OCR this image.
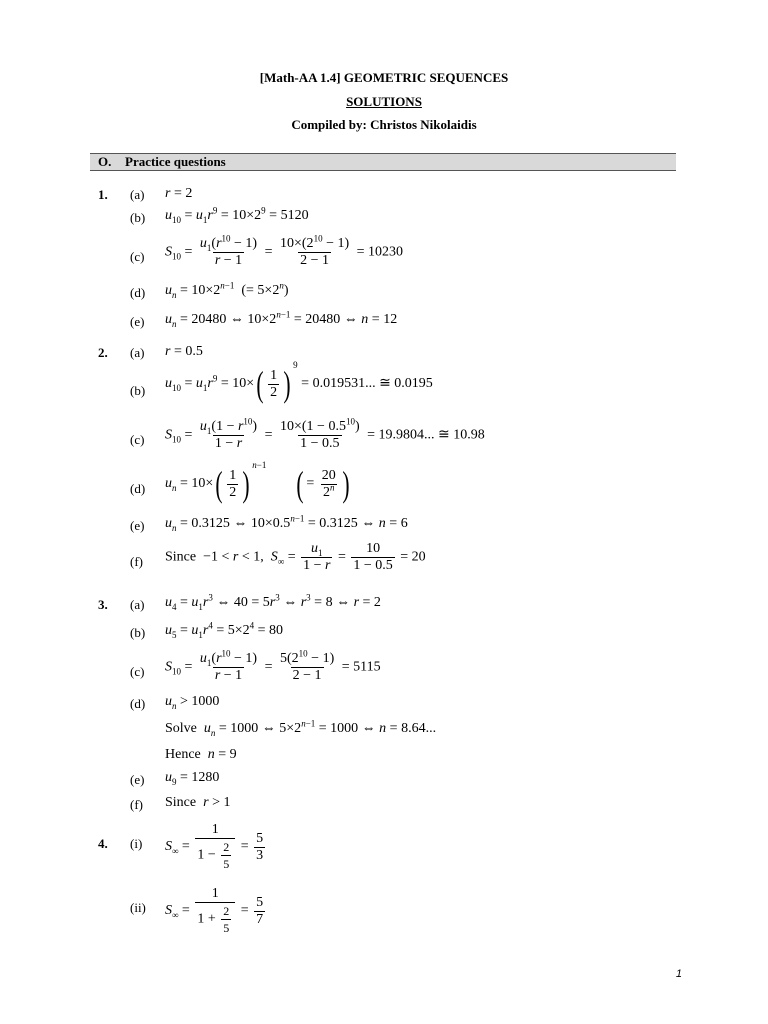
[Math-AA 1.4] GEOMETRIC SEQUENCES
SOLUTIONS
Compiled by: Christos Nikolaidis
O. Practice questions
1. (a) r = 2
(b) $u_{10} = u_1r^9 = 10\times 2^9 = 5120$
(c) $S_{10} = \frac{u_1(r^{10} - 1)}{r - 1} = \frac{10\times(2^{10} - 1)}{2 - 1} = 10230$
(d) $u_n = 10\times 2^{n-1}$  (= $5\times 2^n$)
(e) $u_n = 20480$ ⇔ $10\times 2^{n-1} = 20480$ ⇔ n = 12
2. (a) r = 0.5
(b) $u_{10} = u_1r^9 = 10\times( \frac{1}{2}$ ) $^9$ = 0.019531... ≅ 0.0195
(c) $S_{10} = \frac{u_1(1 - r^{10})}{1 - r} = \frac{10\times(1 - 0.5^{10})}{1 - 0.5} = 19.9804$... ≅ 10.98
(d) $u_n = 10\times( \frac{1}{2}$ ) $^{n-1}$ ( = $\frac{20}{2^n}$ )
(e) $u_n = 0.3125$ ⇔ $10\times 0.5^{n-1} = 0.3125$ ⇔ n = 6
(f) Since  −1 < r < 1,  $S_\infty = \frac{u_1}{1 - r} = \frac{10}{1 - 0.5} = 20$
3. (a) $u_4 = u_1r^3$ ⇔ $40 = 5r^3$ ⇔ $r^3 = 8$ ⇔ r = 2
(b) $u_5 = u_1r^4 = 5\times 2^4 = 80$
(c) $S_{10} = \frac{u_1(r^{10} - 1)}{r - 1} = \frac{5(2^{10} - 1)}{2 - 1} = 5115$
(d) $u_n > 1000$
Solve $u_n = 1000$ ⇔ $5\times 2^{n-1} = 1000$ ⇔ n = 8.64...
Hence n = 9
(e) $u_9 = 1280$
(f) Since r > 1
4. (i) $S_\infty = \frac{1}{1 - \frac{2}{5}} = \frac{5}{3}$
(ii) $S_\infty = \frac{1}{1 + \frac{2}{5}} = \frac{5}{7}$
1
